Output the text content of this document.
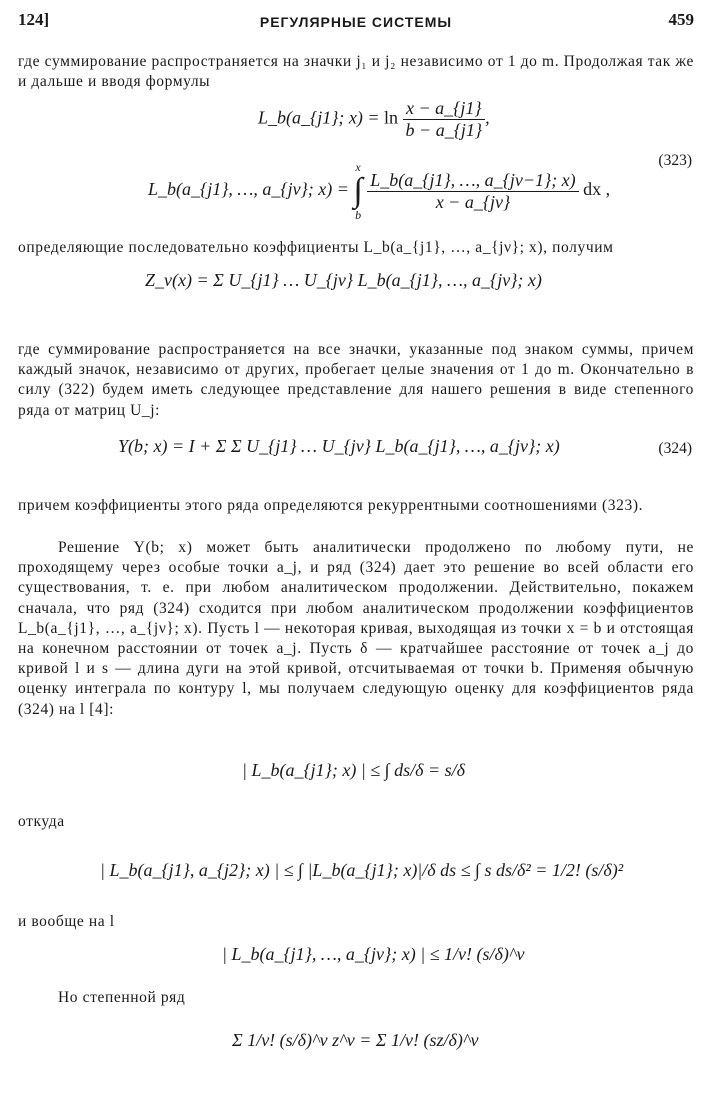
124]	РЕГУЛЯРНЫЕ СИСТЕМЫ	459
где суммирование распространяется на значки j₁ и j₂ независимо от 1 до m. Продолжая так же и дальше и вводя формулы
L_b(a_{j1}; $x) = \ln \frac{x - a\_\{j1\}}{b - a\_\{j1\}}$ ,
L_b(a_{j1}, …, a_{jν}; x) = x
∫
b
$\frac{L\_b(a\_\{j1\}, \dots, a\_\{j\nu-1\}; x)}{x - a\_\{j\nu\}}$ dx ,
(323)
определяющие последовательно коэффициенты L_b(a_{j1}, …, a_{jν}; x), получим
Z_ν(x) = Σ U_{j1} … U_{jν} L_b(a_{j1}, …, a_{jν}; x)
где суммирование распространяется на все значки, указанные под знаком суммы, причем каждый значок, независимо от других, пробегает целые значения от 1 до m. Окончательно в силу (322) будем иметь следующее представление для нашего решения в виде степенного ряда от матриц U_j:
Y(b; x) = I + Σ Σ U_{j1} … U_{jν} L_b(a_{j1}, …, a_{jν}; x)	(324)
причем коэффициенты этого ряда определяются рекуррентными соотношениями (323).
Решение Y(b; x) может быть аналитически продолжено по любому пути, не проходящему через особые точки a_j, и ряд (324) дает это решение во всей области его существования, т. е. при любом аналитическом продолжении. Действительно, покажем сначала, что ряд (324) сходится при любом аналитическом продолжении коэффициентов L_b(a_{j1}, …, a_{jν}; x). Пусть l — некоторая кривая, выходящая из точки x = b и отстоящая на конечном расстоянии от точек a_j. Пусть δ — кратчайшее расстояние от точек a_j до кривой l и s — длина дуги на этой кривой, отсчитываемая от точки b. Применяя обычную оценку интеграла по контуру l, мы получаем следующую оценку для коэффициентов ряда (324) на l [4]:
| L_b(a_{j1}; x) | ≤ ∫ ds/δ = s/δ
откуда
| L_b(a_{j1}, a_{j2}; x) | ≤ ∫ |L_b(a_{j1}; x)|/δ ds ≤ ∫ s ds/δ² = 1/2! (s/δ)²
и вообще на l
| L_b(a_{j1}, …, a_{jν}; x) | ≤ 1/ν! (s/δ)^ν
Но степенной ряд
Σ 1/ν! (s/δ)^ν z^ν = Σ 1/ν! (sz/δ)^ν
